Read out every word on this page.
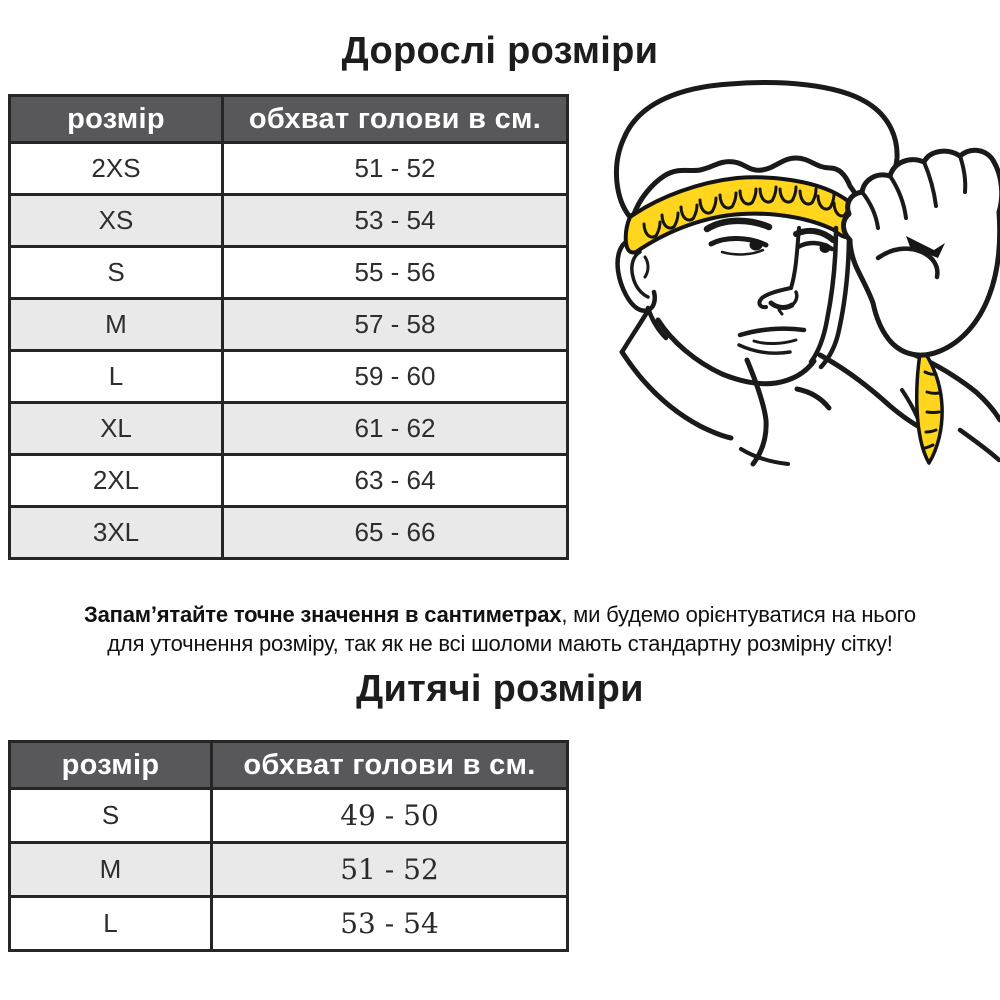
Дорослі розміри
розмір	обхват голови в см.
2XS	51 - 52
XS	53 - 54
S	55 - 56
M	57 - 58
L	59 - 60
XL	61 - 62
2XL	63 - 64
3XL	65 - 66

Запам’ятайте точне значення в сантиметрах, ми будемо орієнтуватися на нього
для уточнення розміру, так як не всі шоломи мають стандартну розмірну сітку!

Дитячі розміри
розмір	обхват голови в см.
S	49 - 50
M	51 - 52
L	53 - 54
